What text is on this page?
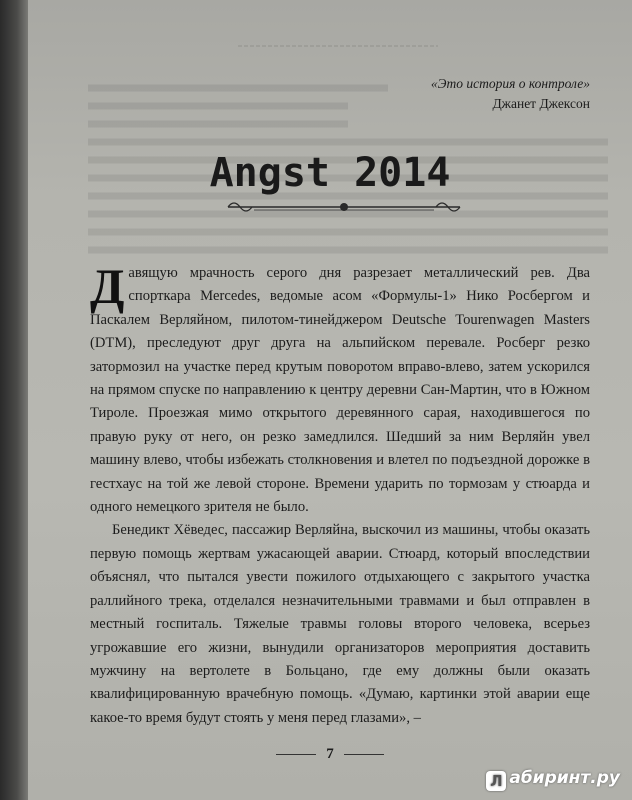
«Это история о контроле»
Джанет Джексон
Angst 2014

Давящую мрачность серого дня разрезает металлический рев. Два спорткара Mercedes, ведомые асом «Формулы-1» Нико Росбергом и Паскалем Верляйном, пилотом-тинейджером Deutsche Tourenwagen Masters (DTM), преследуют друг друга на альпийском перевале. Росберг резко затормозил на участке перед крутым поворотом вправо-влево, затем ускорился на прямом спуске по направлению к центру деревни Сан-Мартин, что в Южном Тироле. Проезжая мимо открытого деревянного сарая, находившегося по правую руку от него, он резко замедлился. Шедший за ним Верляйн увел машину влево, чтобы избежать столкновения и влетел по подъездной дорожке в гестхаус на той же левой стороне. Времени ударить по тормозам у стюарда и одного немецкого зрителя не было.

Бенедикт Хёведес, пассажир Верляйна, выскочил из машины, чтобы оказать первую помощь жертвам ужасающей аварии. Стюард, который впоследствии объяснял, что пытался увести пожилого отдыхающего с закрытого участка раллийного трека, отделался незначительными травмами и был отправлен в местный госпиталь. Тяжелые травмы головы второго человека, всерьез угрожавшие его жизни, вынудили организаторов мероприятия доставить мужчину на вертолете в Больцано, где ему должны были оказать квалифицированную врачебную помощь. «Думаю, картинки этой аварии еще какое-то время будут стоять у меня перед глазами», –

7
Л абиринт.ру
